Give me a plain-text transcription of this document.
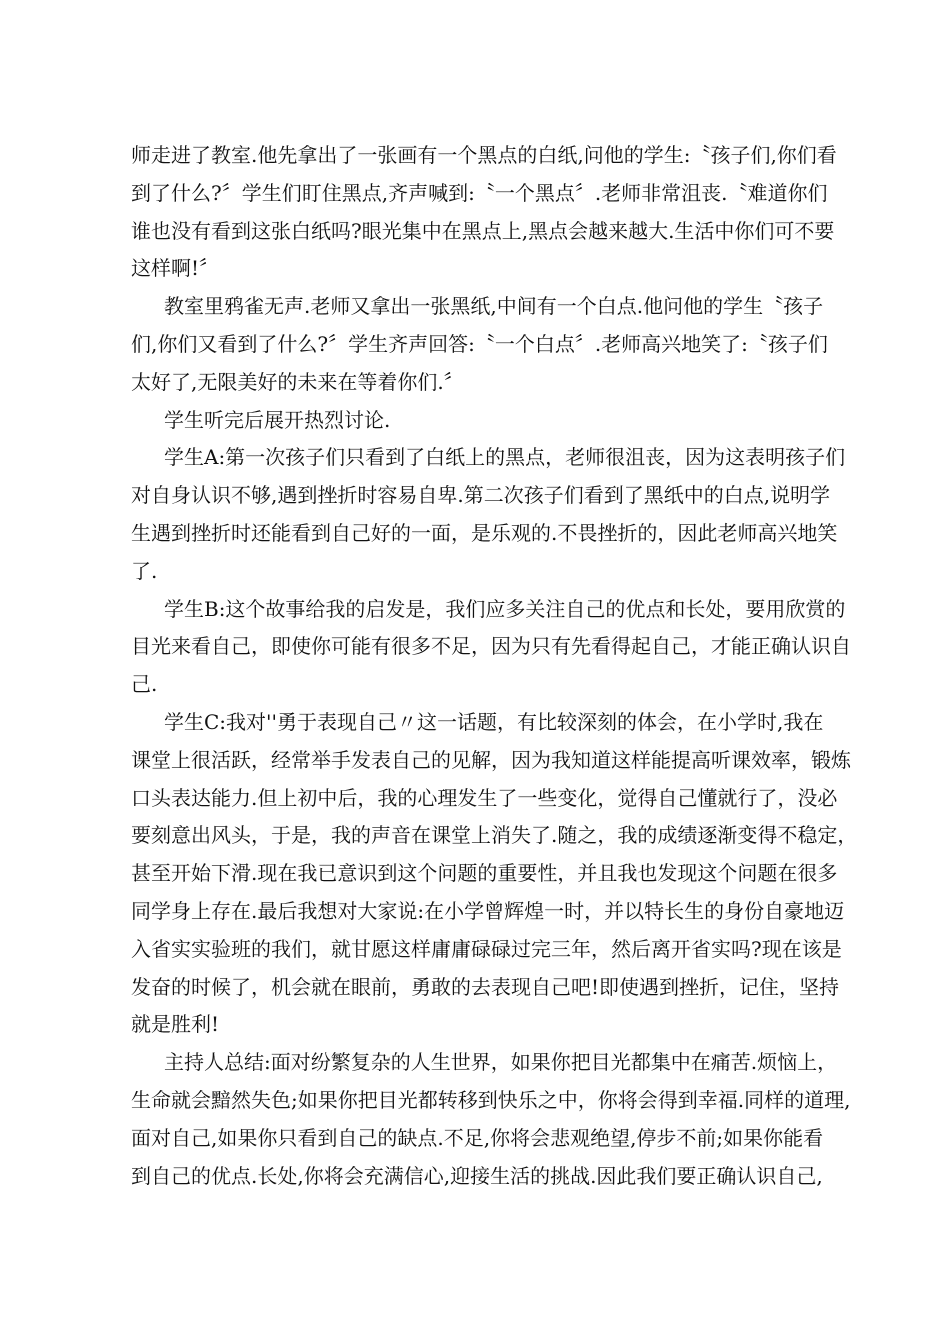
师走进了教室.他先拿出了一张画有一个黑点的白纸,问他的学生:〝孩子们,你们看
到了什么?〞学生们盯住黑点,齐声喊到:〝一个黑点〞.老师非常沮丧.〝难道你们
谁也没有看到这张白纸吗?眼光集中在黑点上,黑点会越来越大.生活中你们可不要
这样啊!〞
教室里鸦雀无声.老师又拿出一张黑纸,中间有一个白点.他问他的学生〝孩子
们,你们又看到了什么?〞学生齐声回答:〝一个白点〞.老师高兴地笑了:〝孩子们
太好了,无限美好的未来在等着你们.〞
学生听完后展开热烈讨论.
学生A:第一次孩子们只看到了白纸上的黑点，老师很沮丧，因为这表明孩子们
对自身认识不够,遇到挫折时容易自卑.第二次孩子们看到了黑纸中的白点,说明学
生遇到挫折时还能看到自己好的一面，是乐观的.不畏挫折的，因此老师高兴地笑
了.
学生B:这个故事给我的启发是，我们应多关注自己的优点和长处，要用欣赏的
目光来看自己，即使你可能有很多不足，因为只有先看得起自己，才能正确认识自
己.
学生C:我对''勇于表现自己〃这一话题，有比较深刻的体会，在小学时,我在
课堂上很活跃，经常举手发表自己的见解，因为我知道这样能提高听课效率，锻炼
口头表达能力.但上初中后，我的心理发生了一些变化，觉得自己懂就行了，没必
要刻意出风头，于是，我的声音在课堂上消失了.随之，我的成绩逐渐变得不稳定，
甚至开始下滑.现在我已意识到这个问题的重要性，并且我也发现这个问题在很多
同学身上存在.最后我想对大家说:在小学曾辉煌一时，并以特长生的身份自豪地迈
入省实实验班的我们，就甘愿这样庸庸碌碌过完三年，然后离开省实吗?现在该是
发奋的时候了，机会就在眼前，勇敢的去表现自己吧!即使遇到挫折，记住，坚持
就是胜利!
主持人总结:面对纷繁复杂的人生世界，如果你把目光都集中在痛苦.烦恼上，
生命就会黯然失色;如果你把目光都转移到快乐之中，你将会得到幸福.同样的道理,
面对自己,如果你只看到自己的缺点.不足,你将会悲观绝望,停步不前;如果你能看
到自己的优点.长处,你将会充满信心,迎接生活的挑战.因此我们要正确认识自己,
